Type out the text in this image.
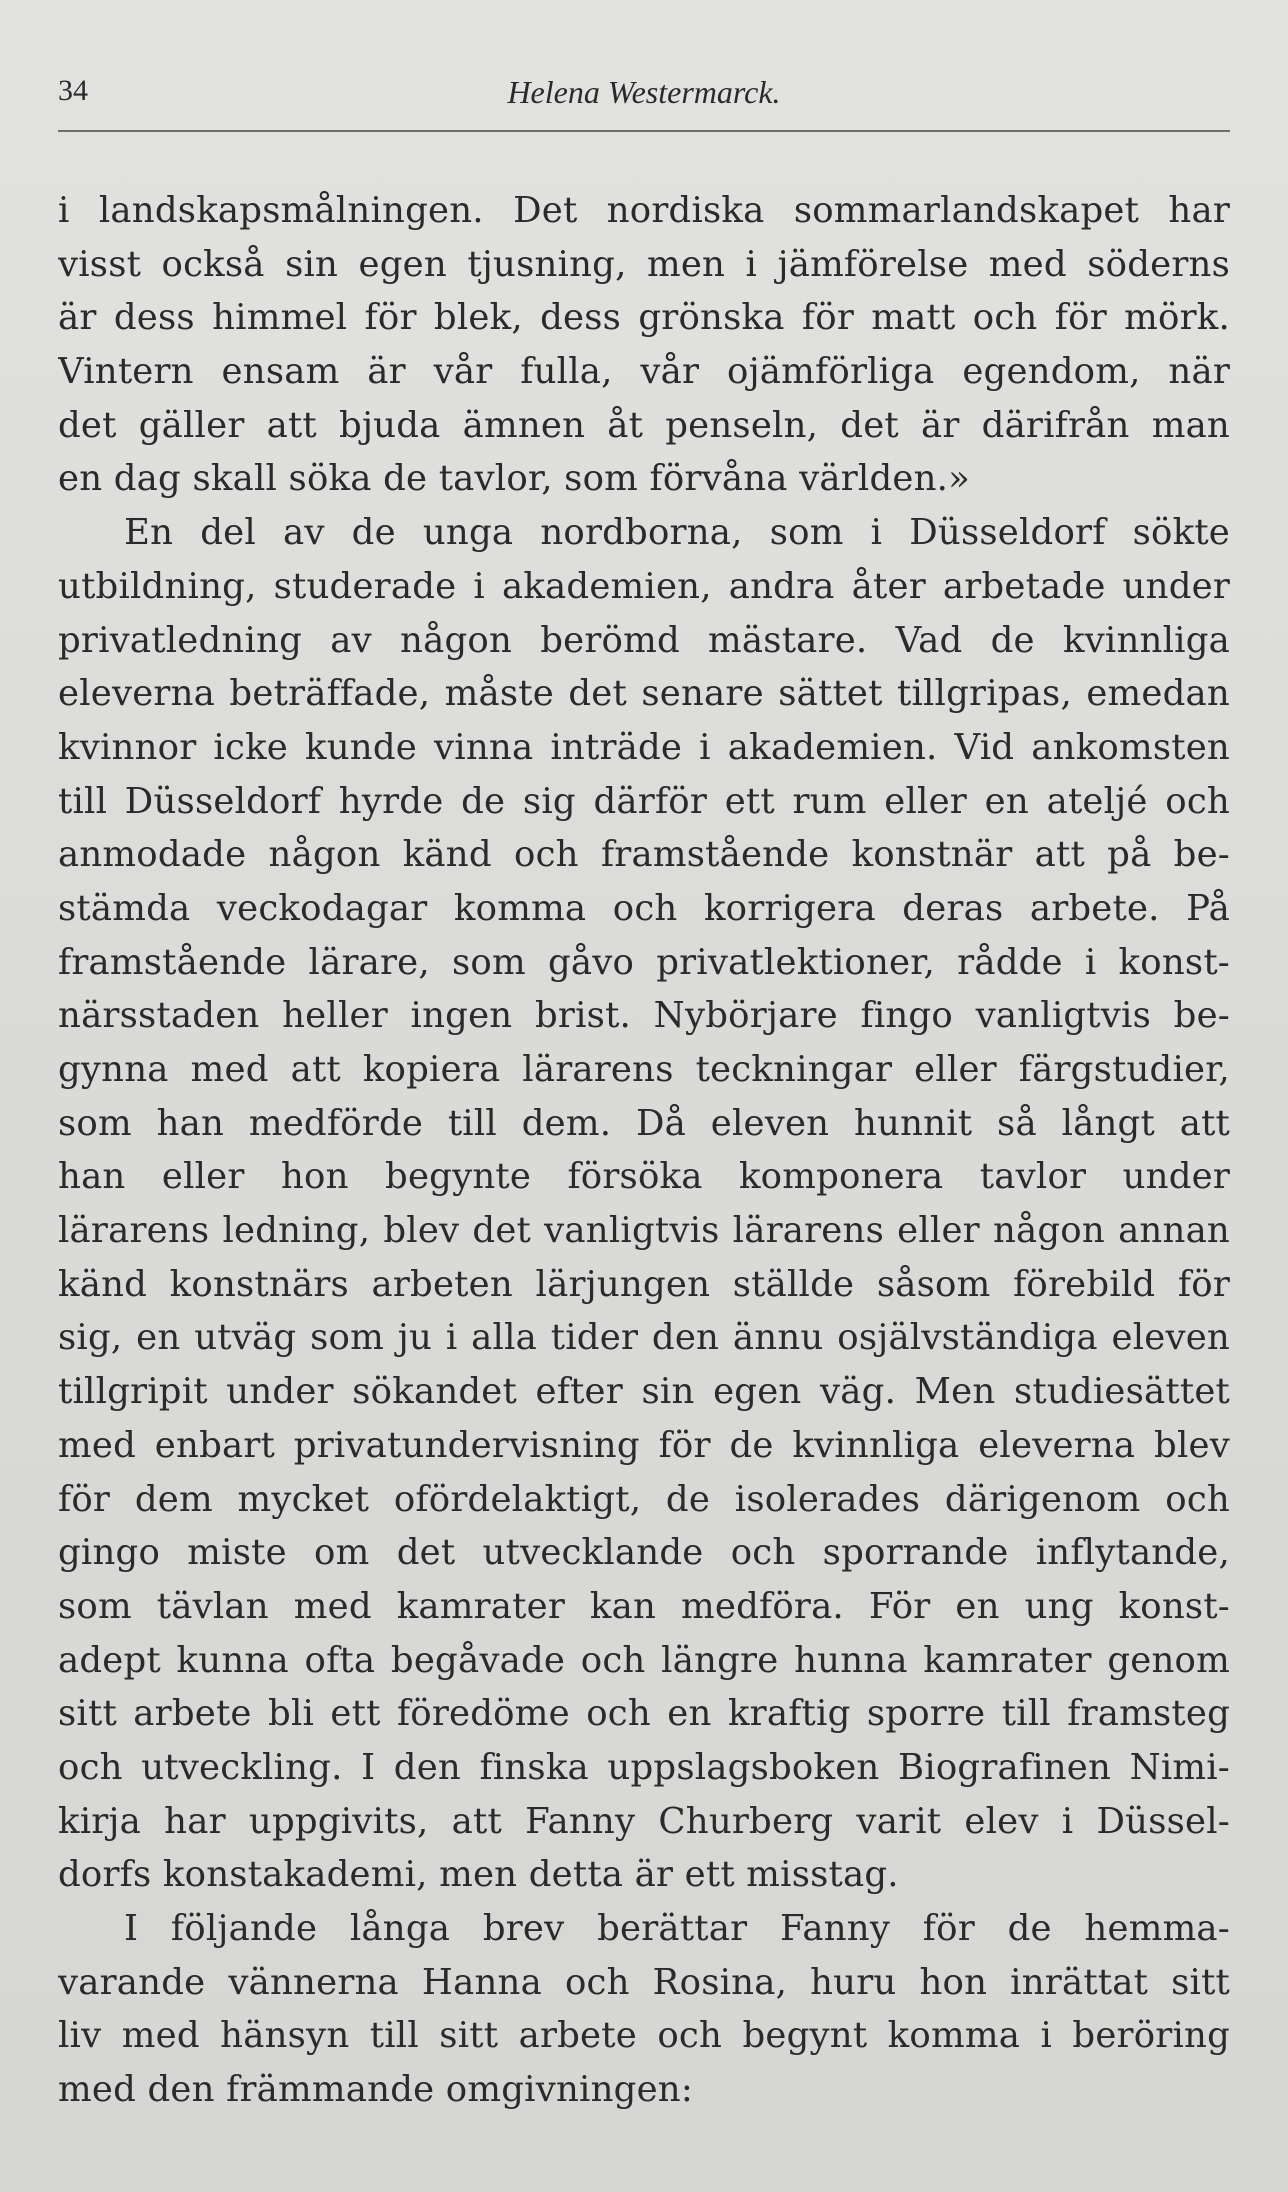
34	Helena Westermarck.
i landskapsmålningen. Det nordiska sommarlandskapet har
visst också sin egen tjusning, men i jämförelse med söderns
är dess himmel för blek, dess grönska för matt och för mörk.
Vintern ensam är vår fulla, vår ojämförliga egendom, när
det gäller att bjuda ämnen åt penseln, det är därifrån man
en dag skall söka de tavlor, som förvåna världen.»
En del av de unga nordborna, som i Düsseldorf sökte
utbildning, studerade i akademien, andra åter arbetade under
privatledning av någon berömd mästare. Vad de kvinnliga
eleverna beträffade, måste det senare sättet tillgripas, emedan
kvinnor icke kunde vinna inträde i akademien. Vid ankomsten
till Düsseldorf hyrde de sig därför ett rum eller en ateljé och
anmodade någon känd och framstående konstnär att på be-
stämda veckodagar komma och korrigera deras arbete. På
framstående lärare, som gåvo privatlektioner, rådde i konst-
närsstaden heller ingen brist. Nybörjare fingo vanligtvis be-
gynna med att kopiera lärarens teckningar eller färgstudier,
som han medförde till dem. Då eleven hunnit så långt att
han eller hon begynte försöka komponera tavlor under
lärarens ledning, blev det vanligtvis lärarens eller någon annan
känd konstnärs arbeten lärjungen ställde såsom förebild för
sig, en utväg som ju i alla tider den ännu osjälvständiga eleven
tillgripit under sökandet efter sin egen väg. Men studiesättet
med enbart privatundervisning för de kvinnliga eleverna blev
för dem mycket ofördelaktigt, de isolerades därigenom och
gingo miste om det utvecklande och sporrande inflytande,
som tävlan med kamrater kan medföra. För en ung konst-
adept kunna ofta begåvade och längre hunna kamrater genom
sitt arbete bli ett föredöme och en kraftig sporre till framsteg
och utveckling. I den finska uppslagsboken Biografinen Nimi-
kirja har uppgivits, att Fanny Churberg varit elev i Düssel-
dorfs konstakademi, men detta är ett misstag.
I följande långa brev berättar Fanny för de hemma-
varande vännerna Hanna och Rosina, huru hon inrättat sitt
liv med hänsyn till sitt arbete och begynt komma i beröring
med den främmande omgivningen:
